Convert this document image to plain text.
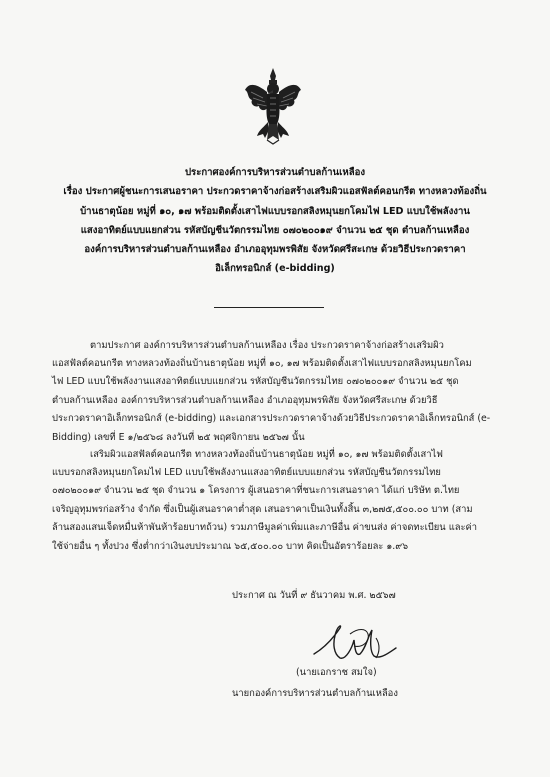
ประกาศองค์การบริหารส่วนตำบลก้านเหลือง
เรื่อง ประกาศผู้ชนะการเสนอราคา ประกวดราคาจ้างก่อสร้างเสริมผิวแอสฟัลต์คอนกรีต ทางหลวงท้องถิ่น
บ้านธาตุน้อย หมู่ที่ ๑๐, ๑๗ พร้อมติดตั้งเสาไฟแบบรอกสลิงหมุนยกโคมไฟ LED แบบใช้พลังงาน
แสงอาทิตย์แบบแยกส่วน รหัสบัญชีนวัตกรรมไทย ๐๗๐๒๐๐๑๙ จำนวน ๒๕ ชุด ตำบลก้านเหลือง
องค์การบริหารส่วนตำบลก้านเหลือง อำเภออุทุมพรพิสัย จังหวัดศรีสะเกษ ด้วยวิธีประกวดราคา
อิเล็กทรอนิกส์ (e-bidding)
ตามประกาศ องค์การบริหารส่วนตำบลก้านเหลือง เรื่อง ประกวดราคาจ้างก่อสร้างเสริมผิว
แอสฟัลต์คอนกรีต ทางหลวงท้องถิ่นบ้านธาตุน้อย หมู่ที่ ๑๐, ๑๗ พร้อมติดตั้งเสาไฟแบบรอกสลิงหมุนยกโคม
ไฟ LED แบบใช้พลังงานแสงอาทิตย์แบบแยกส่วน รหัสบัญชีนวัตกรรมไทย ๐๗๐๒๐๐๑๙ จำนวน ๒๕ ชุด
ตำบลก้านเหลือง องค์การบริหารส่วนตำบลก้านเหลือง อำเภออุทุมพรพิสัย จังหวัดศรีสะเกษ ด้วยวิธี
ประกวดราคาอิเล็กทรอนิกส์ (e-bidding) และเอกสารประกวดราคาจ้างด้วยวิธีประกวดราคาอิเล็กทรอนิกส์ (e-
Bidding) เลขที่ E ๑/๒๕๖๘ ลงวันที่ ๒๕ พฤศจิกายน ๒๕๖๗ นั้น
เสริมผิวแอสฟัลต์คอนกรีต ทางหลวงท้องถิ่นบ้านธาตุน้อย หมู่ที่ ๑๐, ๑๗ พร้อมติดตั้งเสาไฟ
แบบรอกสลิงหมุนยกโคมไฟ LED แบบใช้พลังงานแสงอาทิตย์แบบแยกส่วน รหัสบัญชีนวัตกรรมไทย
๐๗๐๒๐๐๑๙ จำนวน ๒๕ ชุด จำนวน ๑ โครงการ ผู้เสนอราคาที่ชนะการเสนอราคา ได้แก่ บริษัท ต.ไทย
เจริญอุทุมพรก่อสร้าง จำกัด ซึ่งเป็นผู้เสนอราคาต่ำสุด เสนอราคาเป็นเงินทั้งสิ้น ๓,๒๗๕,๕๐๐.๐๐ บาท (สาม
ล้านสองแสนเจ็ดหมื่นห้าพันห้าร้อยบาทถ้วน) รวมภาษีมูลค่าเพิ่มและภาษีอื่น ค่าขนส่ง ค่าจดทะเบียน และค่า
ใช้จ่ายอื่น ๆ ทั้งปวง ซึ่งต่ำกว่าเงินงบประมาณ ๖๕,๕๐๐.๐๐ บาท คิดเป็นอัตราร้อยละ ๑.๙๖
ประกาศ ณ วันที่ ๙ ธันวาคม พ.ศ. ๒๕๖๗
(นายเอกราช สมใจ)
นายกองค์การบริหารส่วนตำบลก้านเหลือง
